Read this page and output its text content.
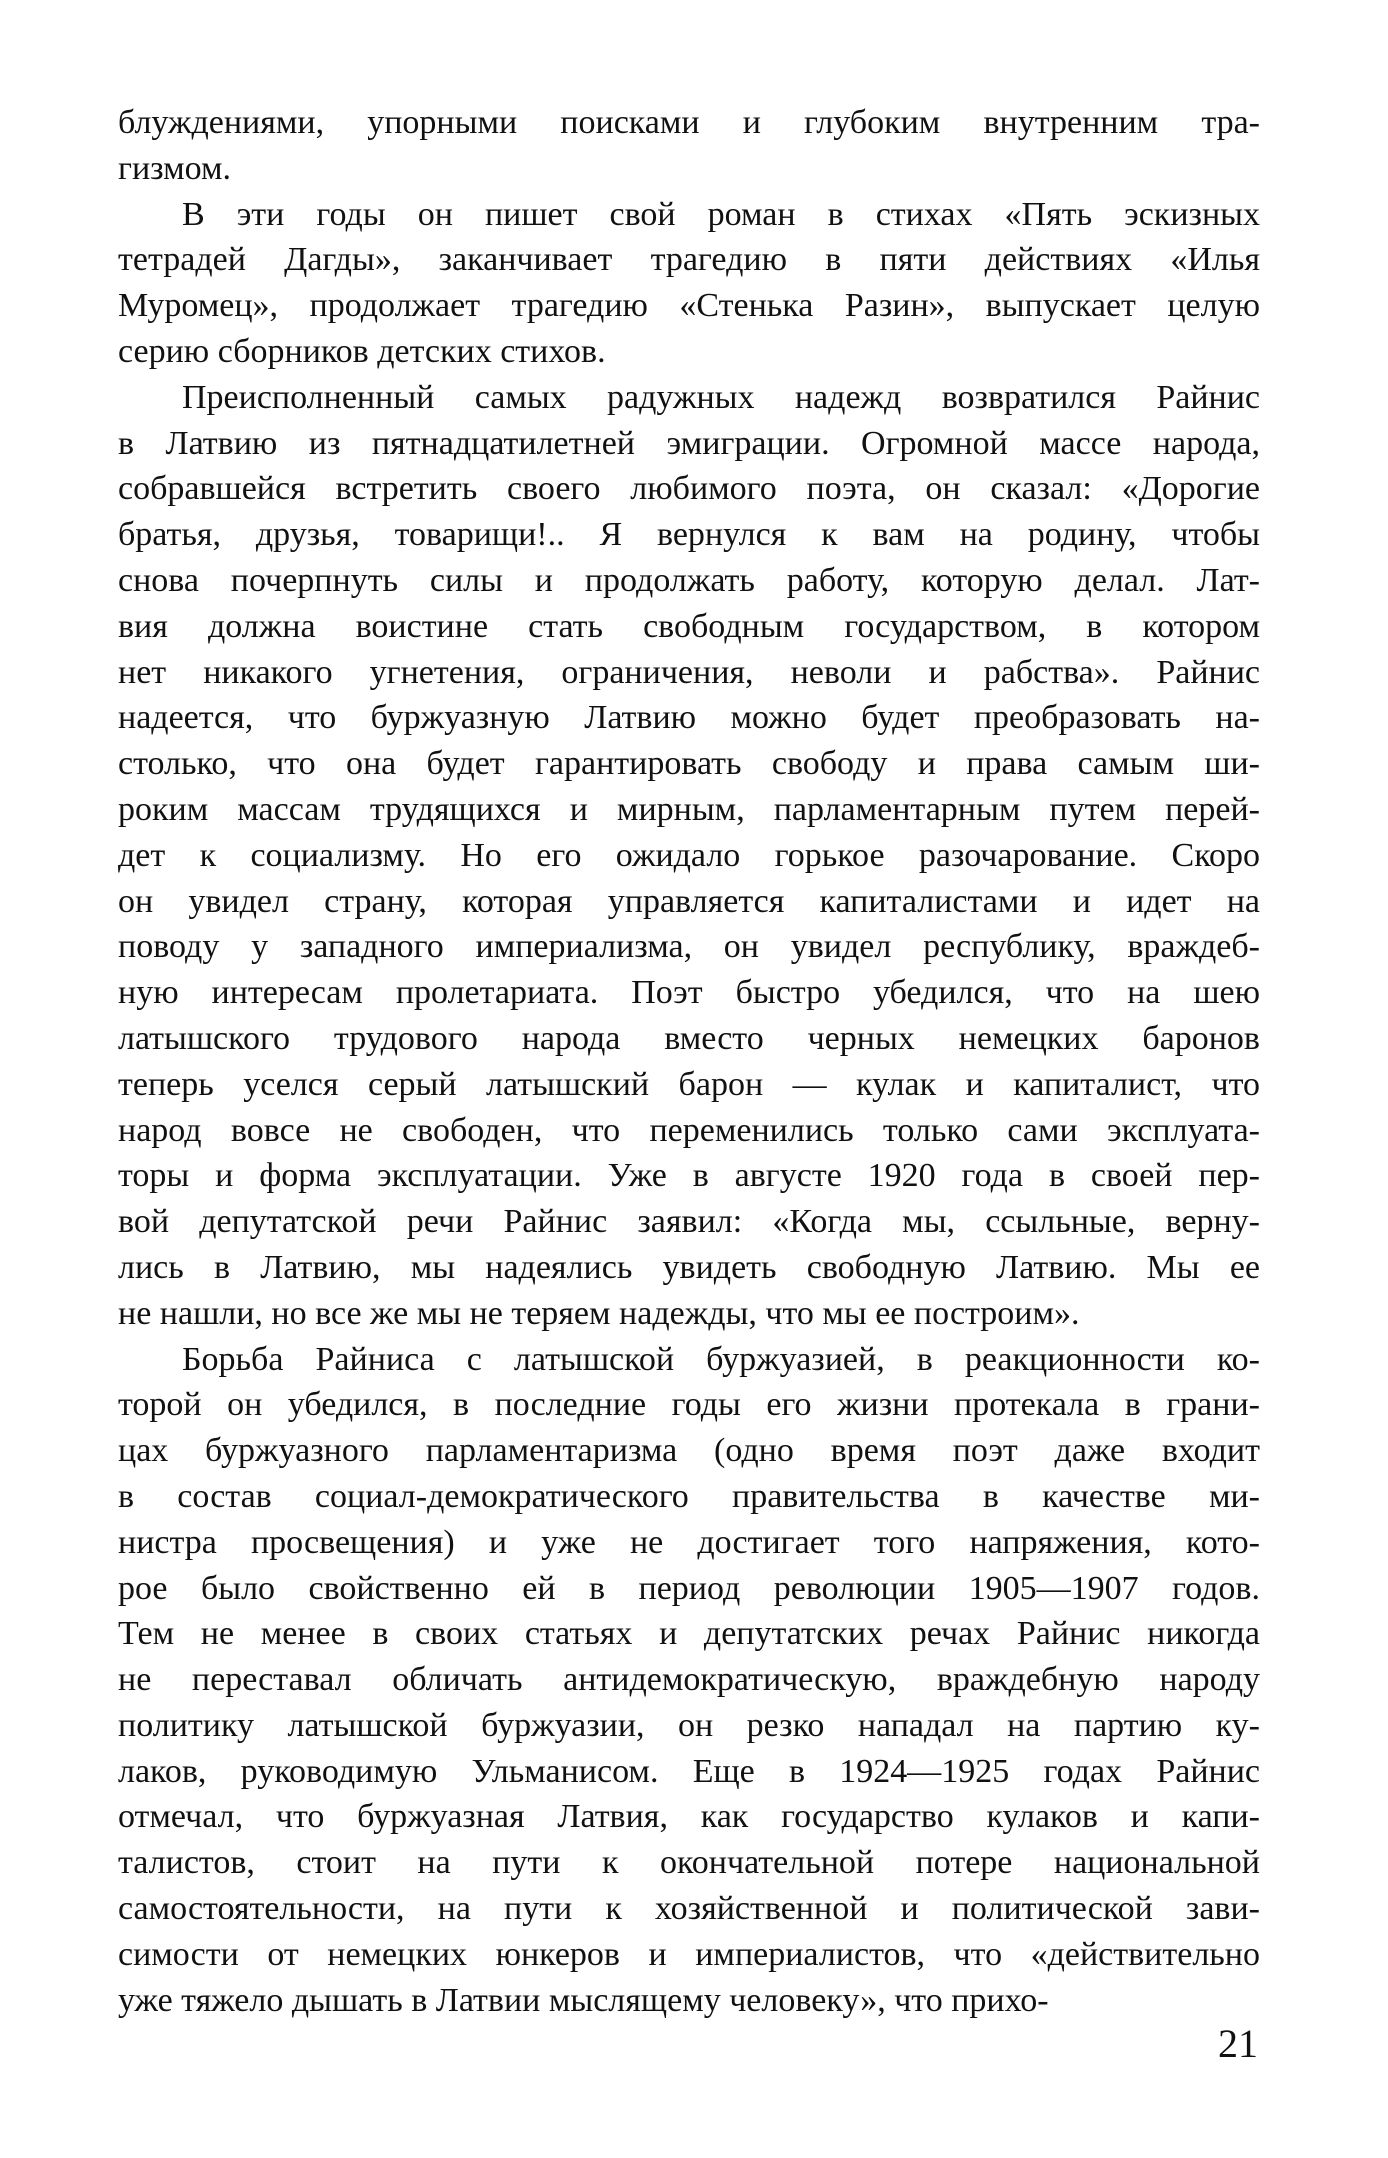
блуждениями, упорными поисками и глубоким внутренним тра-
гизмом.
В эти годы он пишет свой роман в стихах «Пять эскизных
тетрадей Дагды», заканчивает трагедию в пяти действиях «Илья
Муромец», продолжает трагедию «Стенька Разин», выпускает целую
серию сборников детских стихов.
Преисполненный самых радужных надежд возвратился Райнис
в Латвию из пятнадцатилетней эмиграции. Огромной массе народа,
собравшейся встретить своего любимого поэта, он сказал: «Дорогие
братья, друзья, товарищи!.. Я вернулся к вам на родину, чтобы
снова почерпнуть силы и продолжать работу, которую делал. Лат-
вия должна воистине стать свободным государством, в котором
нет никакого угнетения, ограничения, неволи и рабства». Райнис
надеется, что буржуазную Латвию можно будет преобразовать на-
столько, что она будет гарантировать свободу и права самым ши-
роким массам трудящихся и мирным, парламентарным путем перей-
дет к социализму. Но его ожидало горькое разочарование. Скоро
он увидел страну, которая управляется капиталистами и идет на
поводу у западного империализма, он увидел республику, враждеб-
ную интересам пролетариата. Поэт быстро убедился, что на шею
латышского трудового народа вместо черных немецких баронов
теперь уселся серый латышский барон — кулак и капиталист, что
народ вовсе не свободен, что переменились только сами эксплуата-
торы и форма эксплуатации. Уже в августе 1920 года в своей пер-
вой депутатской речи Райнис заявил: «Когда мы, ссыльные, верну-
лись в Латвию, мы надеялись увидеть свободную Латвию. Мы ее
не нашли, но все же мы не теряем надежды, что мы ее построим».
Борьба Райниса с латышской буржуазией, в реакционности ко-
торой он убедился, в последние годы его жизни протекала в грани-
цах буржуазного парламентаризма (одно время поэт даже входит
в состав социал-демократического правительства в качестве ми-
нистра просвещения) и уже не достигает того напряжения, кото-
рое было свойственно ей в период революции 1905—1907 годов.
Тем не менее в своих статьях и депутатских речах Райнис никогда
не переставал обличать антидемократическую, враждебную народу
политику латышской буржуазии, он резко нападал на партию ку-
лаков, руководимую Ульманисом. Еще в 1924—1925 годах Райнис
отмечал, что буржуазная Латвия, как государство кулаков и капи-
талистов, стоит на пути к окончательной потере национальной
самостоятельности, на пути к хозяйственной и политической зави-
симости от немецких юнкеров и империалистов, что «действительно
уже тяжело дышать в Латвии мыслящему человеку», что прихо-
21
